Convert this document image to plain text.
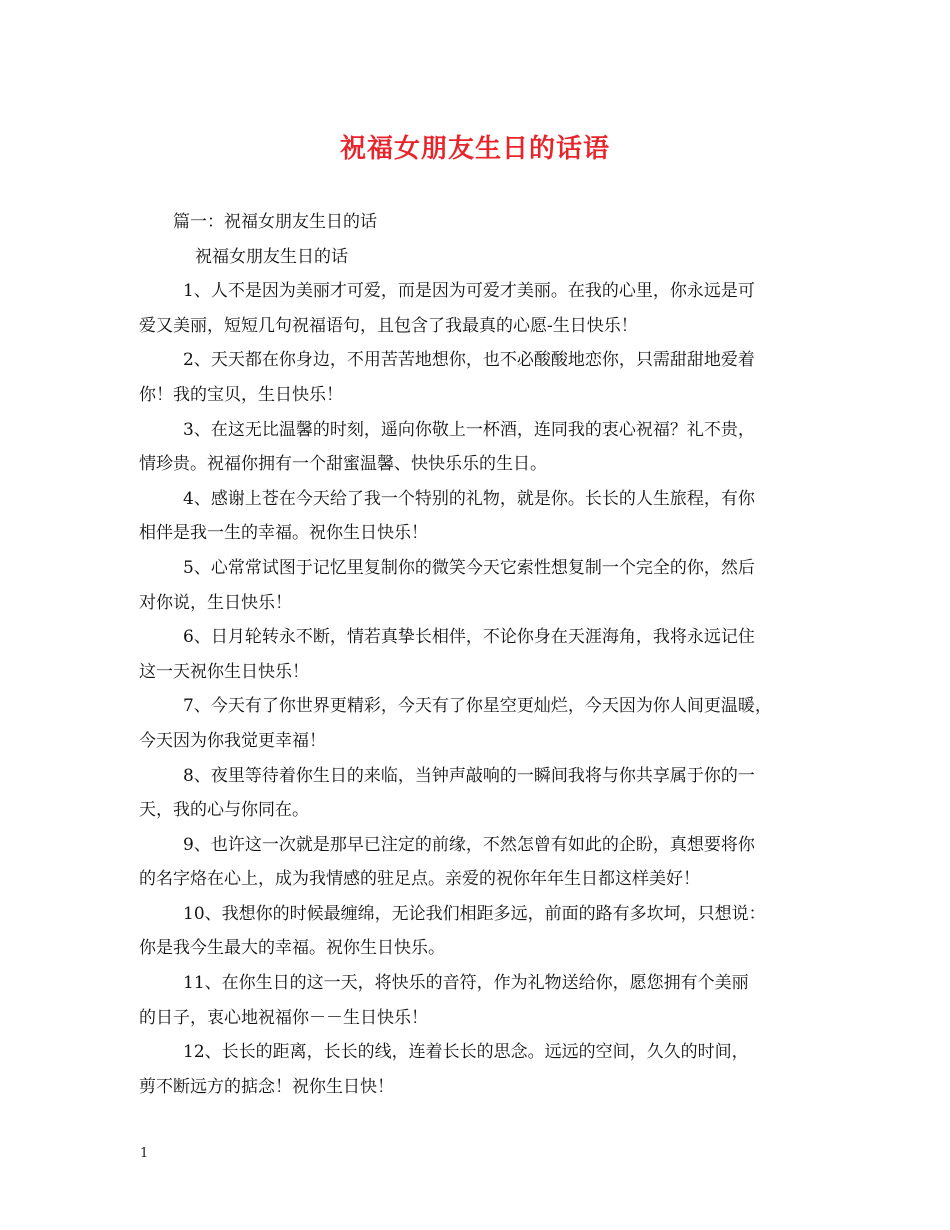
祝福女朋友生日的话语
篇一：祝福女朋友生日的话
祝福女朋友生日的话
1、人不是因为美丽才可爱，而是因为可爱才美丽。在我的心里，你永远是可
爱又美丽，短短几句祝福语句，且包含了我最真的心愿-生日快乐！
2、天天都在你身边，不用苦苦地想你，也不必酸酸地恋你，只需甜甜地爱着
你！我的宝贝，生日快乐！
3、在这无比温馨的时刻，遥向你敬上一杯酒，连同我的衷心祝福？礼不贵，
情珍贵。祝福你拥有一个甜蜜温馨、快快乐乐的生日。
4、感谢上苍在今天给了我一个特别的礼物，就是你。长长的人生旅程，有你
相伴是我一生的幸福。祝你生日快乐！
5、心常常试图于记忆里复制你的微笑今天它索性想复制一个完全的你，然后
对你说，生日快乐！
6、日月轮转永不断，情若真挚长相伴，不论你身在天涯海角，我将永远记住
这一天祝你生日快乐！
7、今天有了你世界更精彩，今天有了你星空更灿烂，今天因为你人间更温暖，
今天因为你我觉更幸福！
8、夜里等待着你生日的来临，当钟声敲响的一瞬间我将与你共享属于你的一
天，我的心与你同在。
9、也许这一次就是那早已注定的前缘，不然怎曾有如此的企盼，真想要将你
的名字烙在心上，成为我情感的驻足点。亲爱的祝你年年生日都这样美好！
10、我想你的时候最缠绵，无论我们相距多远，前面的路有多坎坷，只想说：
你是我今生最大的幸福。祝你生日快乐。
11、在你生日的这一天，将快乐的音符，作为礼物送给你，愿您拥有个美丽
的日子，衷心地祝福你－－生日快乐！
12、长长的距离，长长的线，连着长长的思念。远远的空间，久久的时间，
剪不断远方的掂念！祝你生日快！
1
